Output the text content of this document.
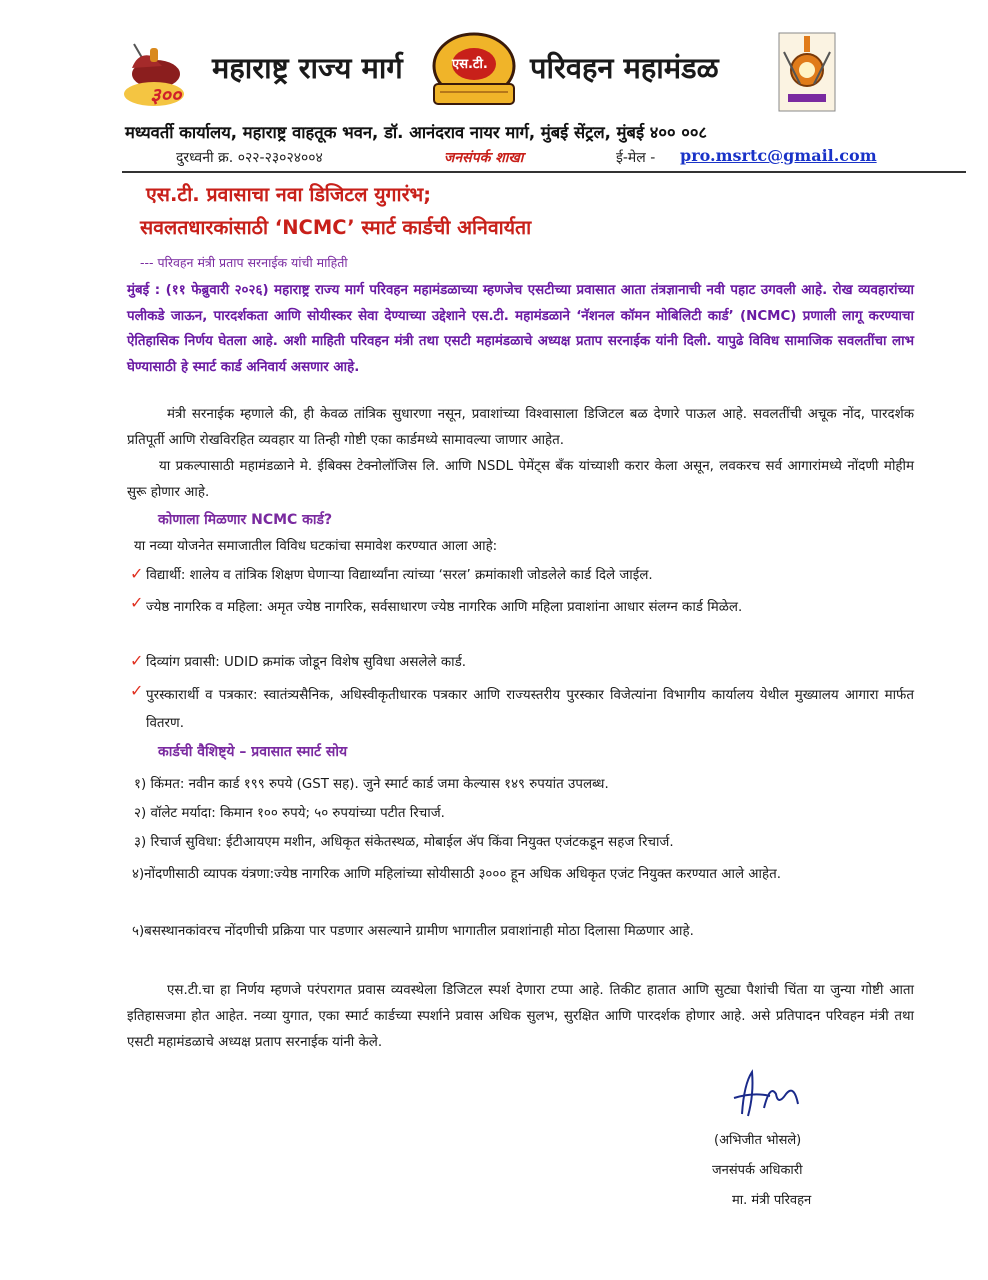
३००
महाराष्ट्र राज्य मार्ग	एस.टी. परिवहन महामंडळ
मध्यवर्ती कार्यालय, महाराष्ट्र वाहतूक भवन, डॉ. आनंदराव नायर मार्ग, मुंबई सेंट्रल, मुंबई ४०० ००८
दुरध्वनी क्र. ०२२-२३०२४००४	जनसंपर्क शाखा	ई-मेल - pro.msrtc@gmail.com
एस.टी. प्रवासाचा नवा डिजिटल युगारंभ;
सवलतधारकांसाठी ‘NCMC’ स्मार्ट कार्डची अनिवार्यता
--- परिवहन मंत्री प्रताप सरनाईक यांची माहिती
मुंबई : (११ फेब्रुवारी २०२६) महाराष्ट्र राज्य मार्ग परिवहन महामंडळाच्या म्हणजेच एसटीच्या प्रवासात आता तंत्रज्ञानाची नवी पहाट उगवली आहे. रोख व्यवहारांच्या पलीकडे जाऊन, पारदर्शकता आणि सोयीस्कर सेवा देण्याच्या उद्देशाने एस.टी. महामंडळाने ‘नॅशनल कॉमन मोबिलिटी कार्ड’ (NCMC) प्रणाली लागू करण्याचा ऐतिहासिक निर्णय घेतला आहे. अशी माहिती परिवहन मंत्री तथा एसटी महामंडळाचे अध्यक्ष प्रताप सरनाईक यांनी दिली. यापुढे विविध सामाजिक सवलतींचा लाभ घेण्यासाठी हे स्मार्ट कार्ड अनिवार्य असणार आहे.
मंत्री सरनाईक म्हणाले की, ही केवळ तांत्रिक सुधारणा नसून, प्रवाशांच्या विश्वासाला डिजिटल बळ देणारे पाऊल आहे. सवलतींची अचूक नोंद, पारदर्शक प्रतिपूर्ती आणि रोखविरहित व्यवहार या तिन्ही गोष्टी एका कार्डमध्ये सामावल्या जाणार आहेत.
या प्रकल्पासाठी महामंडळाने मे. ईबिक्स टेक्नोलॉजिस लि. आणि NSDL पेमेंट्स बँक यांच्याशी करार केला असून, लवकरच सर्व आगारांमध्ये नोंदणी मोहीम सुरू होणार आहे.
कोणाला मिळणार NCMC कार्ड?
या नव्या योजनेत समाजातील विविध घटकांचा समावेश करण्यात आला आहे:
✓ विद्यार्थी: शालेय व तांत्रिक शिक्षण घेणाऱ्या विद्यार्थ्यांना त्यांच्या ‘सरल’ क्रमांकाशी जोडलेले कार्ड दिले जाईल.
✓ ज्येष्ठ नागरिक व महिला: अमृत ज्येष्ठ नागरिक, सर्वसाधारण ज्येष्ठ नागरिक आणि महिला प्रवाशांना आधार संलग्न कार्ड मिळेल.
✓ दिव्यांग प्रवासी: UDID क्रमांक जोडून विशेष सुविधा असलेले कार्ड.
✓ पुरस्कारार्थी व पत्रकार: स्वातंत्र्यसैनिक, अधिस्वीकृतीधारक पत्रकार आणि राज्यस्तरीय पुरस्कार विजेत्यांना विभागीय कार्यालय येथील मुख्यालय आगारा मार्फत वितरण.
कार्डची वैशिष्ट्ये – प्रवासात स्मार्ट सोय
१) किंमत: नवीन कार्ड १९९ रुपये (GST सह). जुने स्मार्ट कार्ड जमा केल्यास १४९ रुपयांत उपलब्ध.
२) वॉलेट मर्यादा: किमान १०० रुपये; ५० रुपयांच्या पटीत रिचार्ज.
३) रिचार्ज सुविधा: ईटीआयएम मशीन, अधिकृत संकेतस्थळ, मोबाईल ॲप किंवा नियुक्त एजंटकडून सहज रिचार्ज.
४)नोंदणीसाठी व्यापक यंत्रणा:ज्येष्ठ नागरिक आणि महिलांच्या सोयीसाठी ३००० हून अधिक अधिकृत एजंट नियुक्त करण्यात आले आहेत.
५)बसस्थानकांवरच नोंदणीची प्रक्रिया पार पडणार असल्याने ग्रामीण भागातील प्रवाशांनाही मोठा दिलासा मिळणार आहे.
एस.टी.चा हा निर्णय म्हणजे परंपरागत प्रवास व्यवस्थेला डिजिटल स्पर्श देणारा टप्पा आहे. तिकीट हातात आणि सुट्या पैशांची चिंता या जुन्या गोष्टी आता इतिहासजमा होत आहेत. नव्या युगात, एका स्मार्ट कार्डच्या स्पर्शाने प्रवास अधिक सुलभ, सुरक्षित आणि पारदर्शक होणार आहे. असे प्रतिपादन परिवहन मंत्री तथा एसटी महामंडळाचे अध्यक्ष प्रताप सरनाईक यांनी केले.
(अभिजीत भोसले)
जनसंपर्क अधिकारी
मा. मंत्री परिवहन
